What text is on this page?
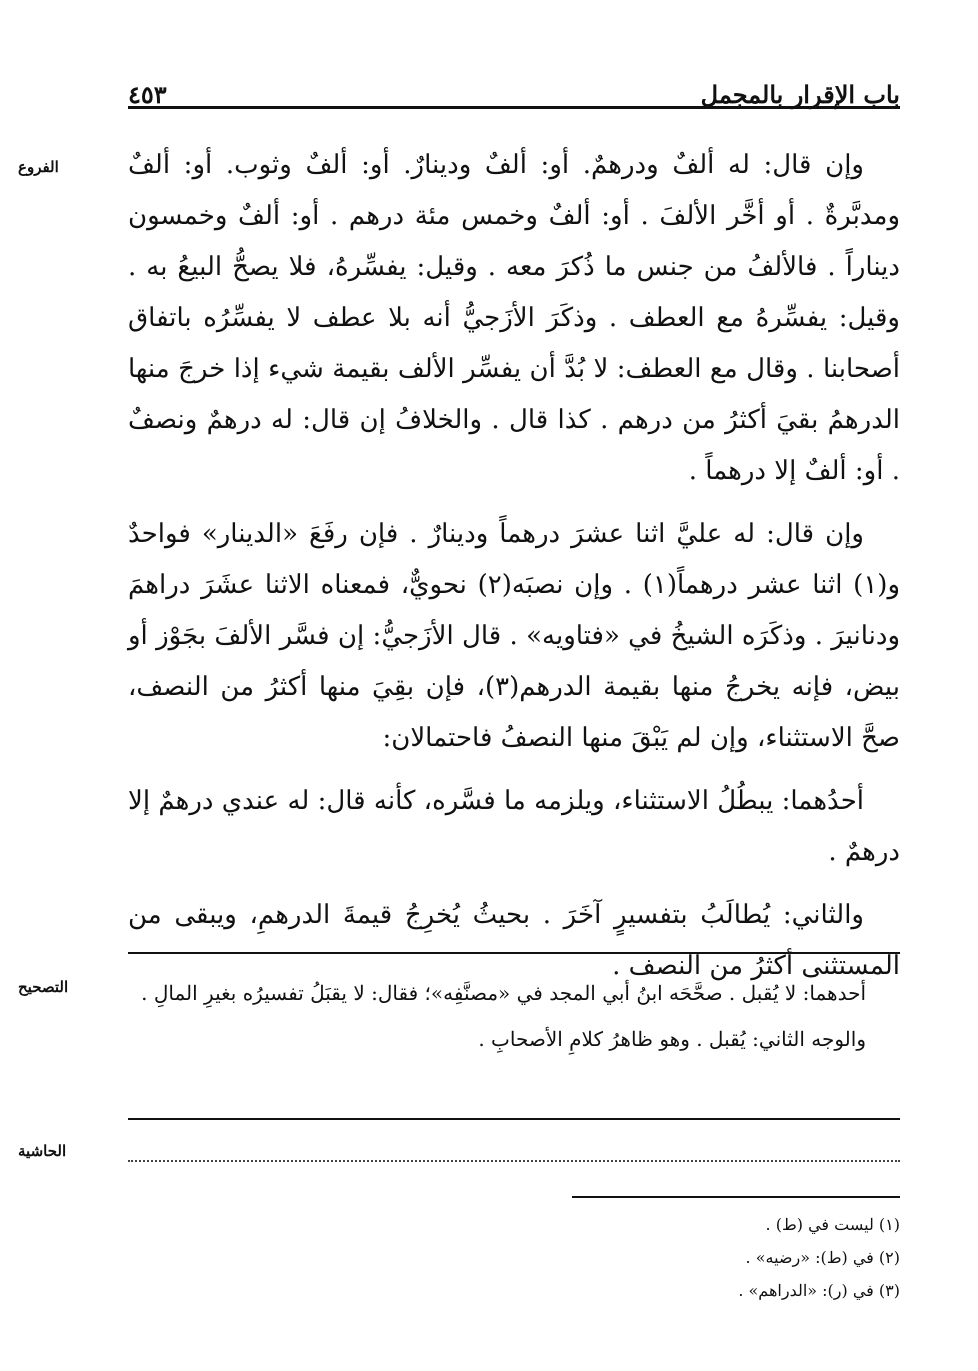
باب الإقرار بالمجمل
٤٥٣
الفروع	وإن قال: له ألفٌ ودرهمٌ. أو: ألفٌ ودينارٌ. أو: ألفٌ وثوب. أو: ألفٌ ومدبَّرةٌ . أو أخَّر الألفَ . أو: ألفٌ وخمس مئة درهم . أو: ألفٌ وخمسون ديناراً . فالألفُ من جنس ما ذُكرَ معه . وقيل: يفسِّرهُ، فلا يصحُّ البيعُ به . وقيل: يفسِّرهُ مع العطف . وذكَرَ الأزَجيُّ أنه بلا عطف لا يفسِّرُه باتفاق أصحابنا . وقال مع العطف: لا بُدَّ أن يفسِّر الألف بقيمة شيء إذا خرجَ منها الدرهمُ بقيَ أكثرُ من درهم . كذا قال . والخلافُ إن قال: له درهمٌ ونصفٌ . أو: ألفٌ إلا درهماً .

وإن قال: له عليَّ اثنا عشرَ درهماً ودينارٌ . فإن رفَعَ «الدينار» فواحدٌ و(١) اثنا عشر درهماً(١) . وإن نصبَه(٢) نحويٌّ، فمعناه الاثنا عشَرَ دراهمَ ودنانيرَ . وذكَرَه الشيخُ في «فتاويه» . قال الأزَجيُّ: إن فسَّر الألفَ بجَوْز أو بيض، فإنه يخرجُ منها بقيمة الدرهم(٣)، فإن بقِيَ منها أكثرُ من النصف، صحَّ الاستثناء، وإن لم يَبْقَ منها النصفُ فاحتمالان:

أحدُهما: يبطُلُ الاستثناء، ويلزمه ما فسَّره، كأنه قال: له عندي درهمٌ إلا درهمٌ .

والثاني: يُطالَبُ بتفسيرٍ آخَرَ . بحيثُ يُخرِجُ قيمةَ الدرهمِ، ويبقى من المستثنى أكثرُ من النصف .

التصحيح	أحدهما: لا يُقبل . صحَّحَه ابنُ أبي المجد في «مصنَّفِه»؛ فقال: لا يقبَلُ تفسيرُه بغيرِ المالِ .

والوجه الثاني: يُقبل . وهو ظاهرُ كلامِ الأصحابِ .

الحاشية
(١) ليست في (ط) .
(٢) في (ط): «رضيه» .
(٣) في (ر): «الدراهم» .
